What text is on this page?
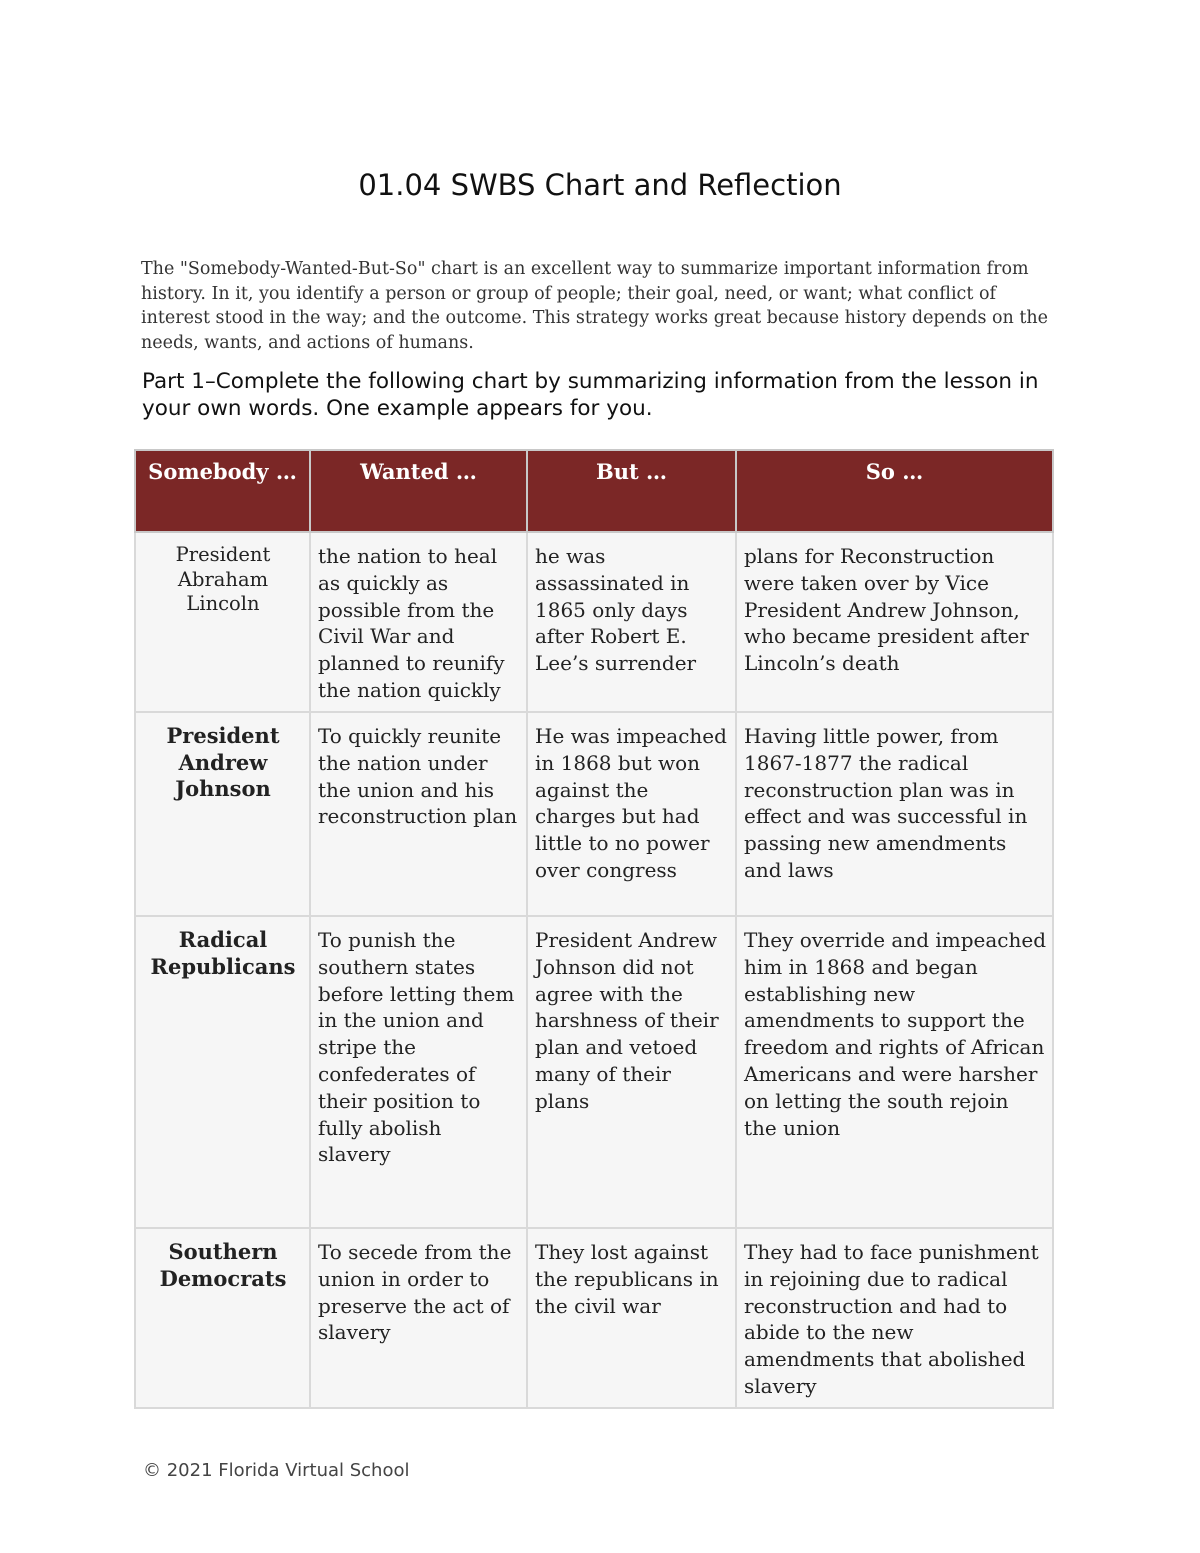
01.04 SWBS Chart and Reflection
The "Somebody-Wanted-But-So" chart is an excellent way to summarize important information from history. In it, you identify a person or group of people; their goal, need, or want; what conflict of interest stood in the way; and the outcome. This strategy works great because history depends on the needs, wants, and actions of humans.
Part 1–Complete the following chart by summarizing information from the lesson in your own words. One example appears for you.
Somebody …	Wanted …	But …	So …
President Abraham Lincoln	the nation to heal as quickly as possible from the Civil War and planned to reunify the nation quickly	he was assassinated in 1865 only days after Robert E. Lee’s surrender	plans for Reconstruction were taken over by Vice President Andrew Johnson, who became president after Lincoln’s death
President Andrew Johnson	To quickly reunite the nation under the union and his reconstruction plan	He was impeached in 1868 but won against the charges but had little to no power over congress	Having little power, from 1867-1877 the radical reconstruction plan was in effect and was successful in passing new amendments and laws
Radical Republicans	To punish the southern states before letting them in the union and stripe the confederates of their position to fully abolish slavery	President Andrew Johnson did not agree with the harshness of their plan and vetoed many of their plans	They override and impeached him in 1868 and began establishing new amendments to support the freedom and rights of African Americans and were harsher on letting the south rejoin the union
Southern Democrats	To secede from the union in order to preserve the act of slavery	They lost against the republicans in the civil war	They had to face punishment in rejoining due to radical reconstruction and had to abide to the new amendments that abolished slavery
© 2021 Florida Virtual School
